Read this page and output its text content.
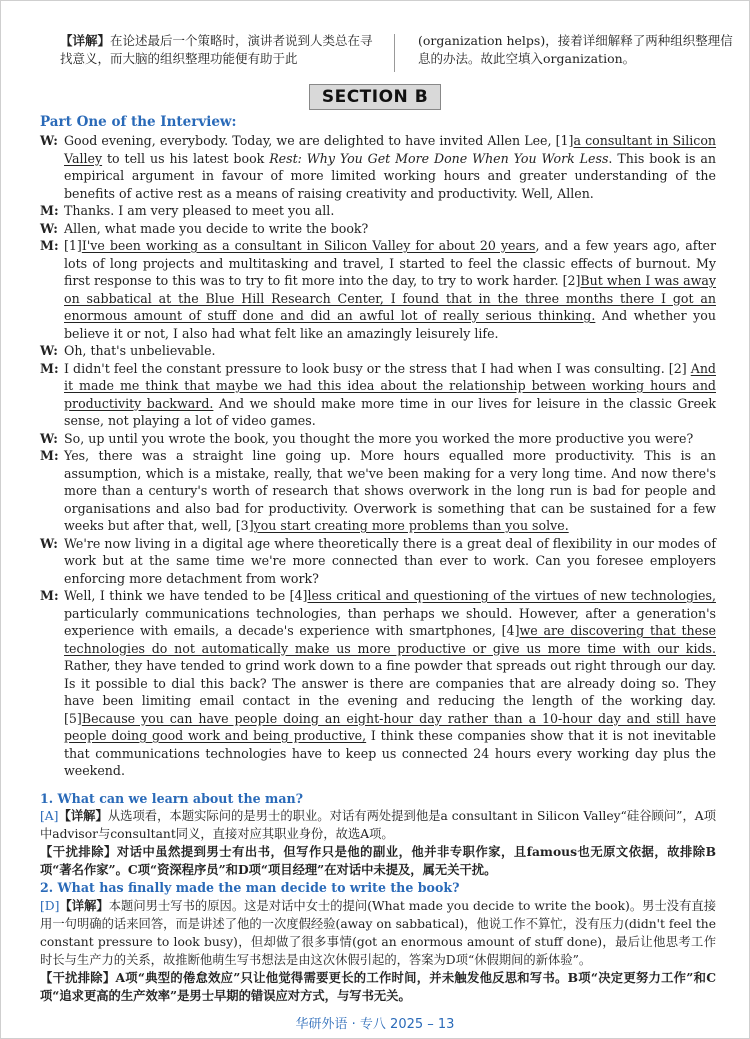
【详解】在论述最后一个策略时，演讲者说到人类总在寻找意义，而大脑的组织整理功能便有助于此
(organization helps)，接着详细解释了两种组织整理信息的办法。故此空填入organization。
SECTION B
Part One of the Interview:
W: Good evening, everybody. Today, we are delighted to have invited Allen Lee, [1]a consultant in Silicon Valley to tell us his latest book Rest: Why You Get More Done When You Work Less. This book is an empirical argument in favour of more limited working hours and greater understanding of the benefits of active rest as a means of raising creativity and productivity. Well, Allen.
M: Thanks. I am very pleased to meet you all.
W: Allen, what made you decide to write the book?
M: [1]I've been working as a consultant in Silicon Valley for about 20 years, and a few years ago, after lots of long projects and multitasking and travel, I started to feel the classic effects of burnout. My first response to this was to try to fit more into the day, to try to work harder. [2]But when I was away on sabbatical at the Blue Hill Research Center, I found that in the three months there I got an enormous amount of stuff done and did an awful lot of really serious thinking. And whether you believe it or not, I also had what felt like an amazingly leisurely life.
W: Oh, that's unbelievable.
M: I didn't feel the constant pressure to look busy or the stress that I had when I was consulting. [2] And it made me think that maybe we had this idea about the relationship between working hours and productivity backward. And we should make more time in our lives for leisure in the classic Greek sense, not playing a lot of video games.
W: So, up until you wrote the book, you thought the more you worked the more productive you were?
M: Yes, there was a straight line going up. More hours equalled more productivity. This is an assumption, which is a mistake, really, that we've been making for a very long time. And now there's more than a century's worth of research that shows overwork in the long run is bad for people and organisations and also bad for productivity. Overwork is something that can be sustained for a few weeks but after that, well, [3]you start creating more problems than you solve.
W: We're now living in a digital age where theoretically there is a great deal of flexibility in our modes of work but at the same time we're more connected than ever to work. Can you foresee employers enforcing more detachment from work?
M: Well, I think we have tended to be [4]less critical and questioning of the virtues of new technologies, particularly communications technologies, than perhaps we should. However, after a generation's experience with emails, a decade's experience with smartphones, [4]we are discovering that these technologies do not automatically make us more productive or give us more time with our kids. Rather, they have tended to grind work down to a fine powder that spreads out right through our day. Is it possible to dial this back? The answer is there are companies that are already doing so. They have been limiting email contact in the evening and reducing the length of the working day. [5]Because you can have people doing an eight-hour day rather than a 10-hour day and still have people doing good work and being productive, I think these companies show that it is not inevitable that communications technologies have to keep us connected 24 hours every working day plus the weekend.
1. What can we learn about the man?
[A]【详解】从选项看，本题实际问的是男士的职业。对话有两处提到他是a consultant in Silicon Valley“硅谷顾问”，A项中advisor与consultant同义，直接对应其职业身份，故选A项。
【干扰排除】对话中虽然提到男士有出书，但写作只是他的副业，他并非专职作家，且famous也无原文依据，故排除B项“著名作家”。C项“资深程序员”和D项“项目经理”在对话中未提及，属无关干扰。
2. What has finally made the man decide to write the book?
[D]【详解】本题问男士写书的原因。这是对话中女士的提问(What made you decide to write the book)。男士没有直接用一句明确的话来回答，而是讲述了他的一次度假经验(away on sabbatical)，他说工作不算忙，没有压力(didn't feel the constant pressure to look busy)，但却做了很多事情(got an enormous amount of stuff done)，最后让他思考工作时长与生产力的关系，故推断他萌生写书想法是由这次休假引起的，答案为D项“休假期间的新体验”。
【干扰排除】A项“典型的倦怠效应”只让他觉得需要更长的工作时间，并未触发他反思和写书。B项“决定更努力工作”和C项“追求更高的生产效率”是男士早期的错误应对方式，与写书无关。
华研外语 · 专八 2025 – 13
